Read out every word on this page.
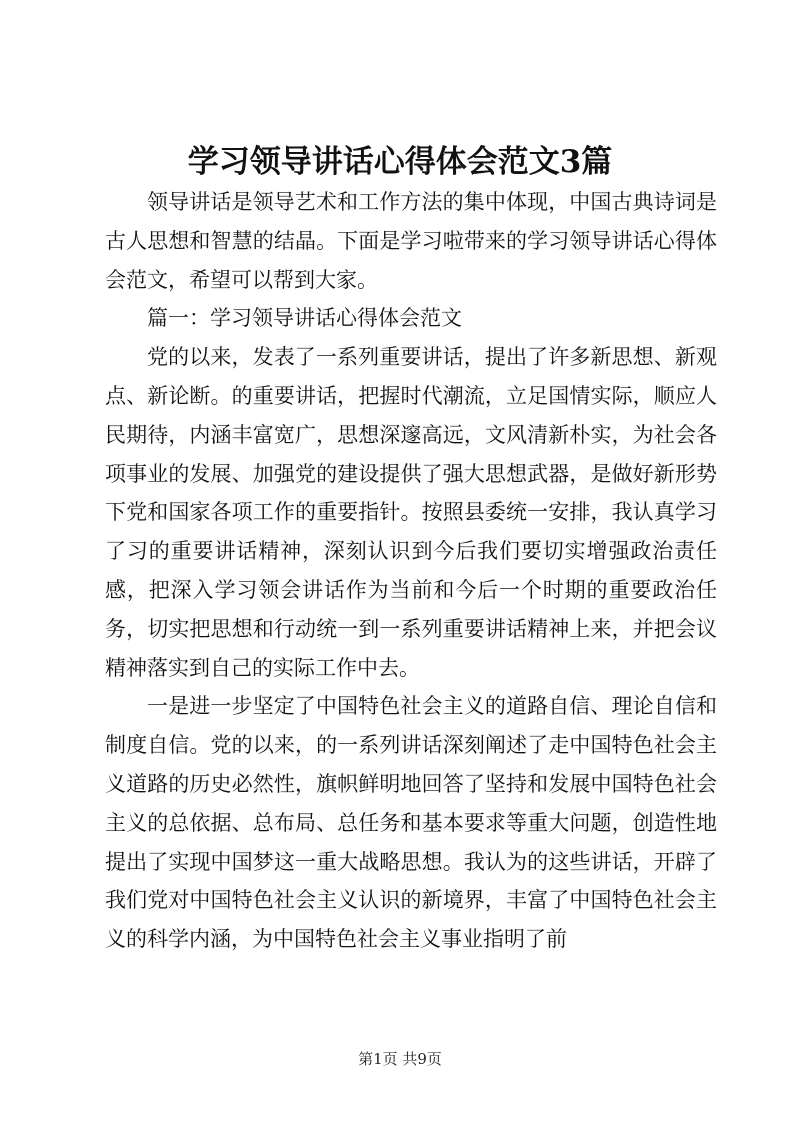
学习领导讲话心得体会范文3篇

领导讲话是领导艺术和工作方法的集中体现，中国古典诗词是古人思想和智慧的结晶。下面是学习啦带来的学习领导讲话心得体会范文，希望可以帮到大家。

篇一：学习领导讲话心得体会范文

党的以来，发表了一系列重要讲话，提出了许多新思想、新观点、新论断。的重要讲话，把握时代潮流，立足国情实际，顺应人民期待，内涵丰富宽广，思想深邃高远，文风清新朴实，为社会各项事业的发展、加强党的建设提供了强大思想武器，是做好新形势下党和国家各项工作的重要指针。按照县委统一安排，我认真学习了习的重要讲话精神，深刻认识到今后我们要切实增强政治责任感，把深入学习领会讲话作为当前和今后一个时期的重要政治任务，切实把思想和行动统一到一系列重要讲话精神上来，并把会议精神落实到自己的实际工作中去。

一是进一步坚定了中国特色社会主义的道路自信、理论自信和制度自信。党的以来，的一系列讲话深刻阐述了走中国特色社会主义道路的历史必然性，旗帜鲜明地回答了坚持和发展中国特色社会主义的总依据、总布局、总任务和基本要求等重大问题，创造性地提出了实现中国梦这一重大战略思想。我认为的这些讲话，开辟了我们党对中国特色社会主义认识的新境界，丰富了中国特色社会主义的科学内涵，为中国特色社会主义事业指明了前

第1页 共9页
